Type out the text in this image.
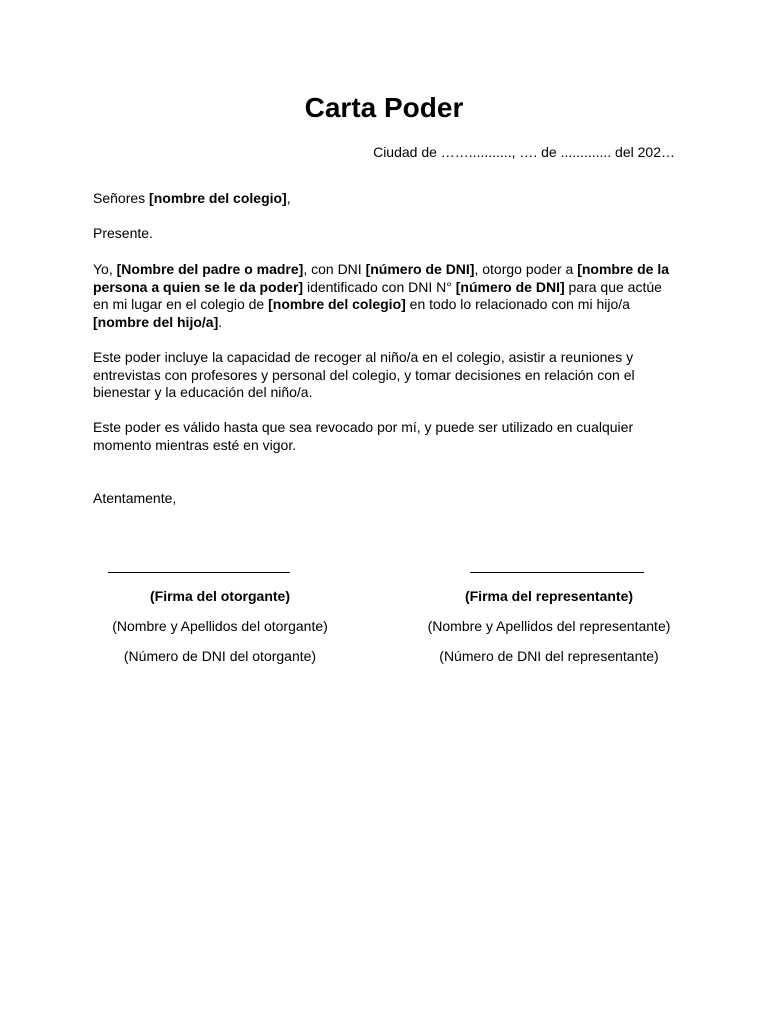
Carta Poder
Ciudad de ……..........., …. de ............. del 202…

Señores [nombre del colegio],

Presente.

Yo, [Nombre del padre o madre], con DNI [número de DNI], otorgo poder a [nombre de la persona a quien se le da poder] identificado con DNI N° [número de DNI] para que actúe en mi lugar en el colegio de [nombre del colegio] en todo lo relacionado con mi hijo/a [nombre del hijo/a].

Este poder incluye la capacidad de recoger al niño/a en el colegio, asistir a reuniones y entrevistas con profesores y personal del colegio, y tomar decisiones en relación con el bienestar y la educación del niño/a.

Este poder es válido hasta que sea revocado por mí, y puede ser utilizado en cualquier momento mientras esté en vigor.

Atentamente,

(Firma del otorgante)	(Firma del representante)
(Nombre y Apellidos del otorgante)	(Nombre y Apellidos del representante)
(Número de DNI del otorgante)	(Número de DNI del representante)
